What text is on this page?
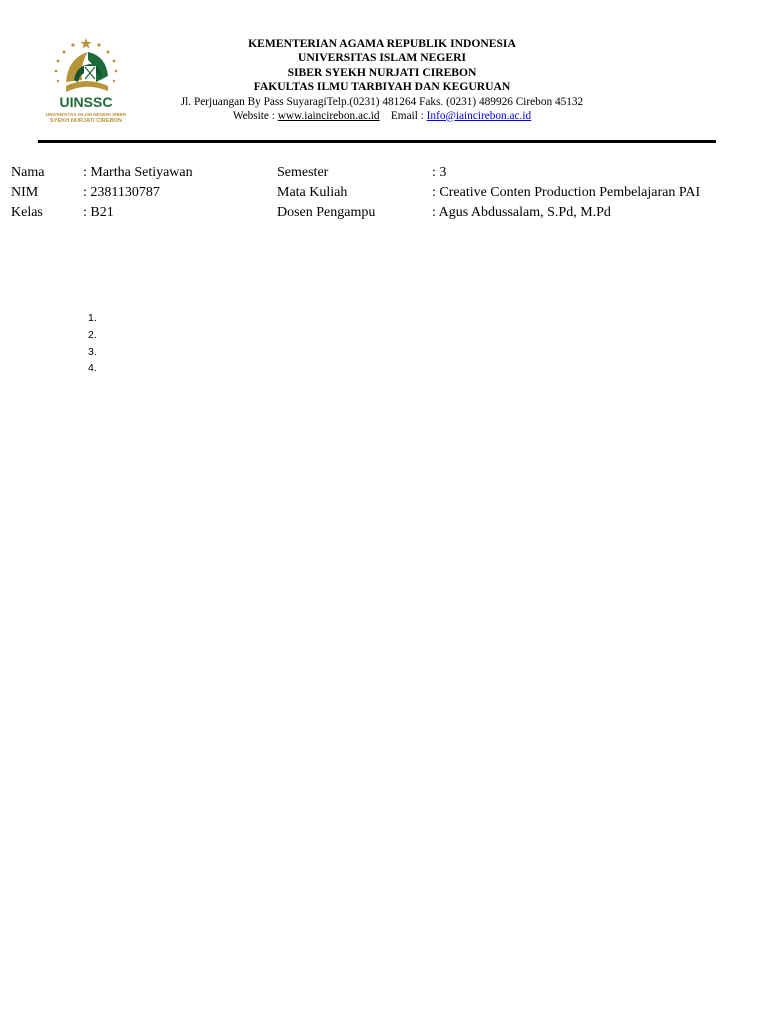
UINSSC
UNIVERSITAS ISLAM NEGERI SIBER
SYEKH NURJATI CIREBON
KEMENTERIAN AGAMA REPUBLIK INDONESIA
UNIVERSITAS ISLAM NEGERI
SIBER SYEKH NURJATI CIREBON
FAKULTAS ILMU TARBIYAH DAN KEGURUAN
Jl. Perjuangan By Pass SuyaragiTelp.(0231) 481264 Faks. (0231) 489926 Cirebon 45132
Website : www.iaincirebon.ac.id Email : Info@iaincirebon.ac.id
Nama	: Martha Setiyawan	Semester	: 3
NIM	: 2381130787	Mata Kuliah	: Creative Conten Production Pembelajaran PAI
Kelas	: B21	Dosen Pengampu	: Agus Abdussalam, S.Pd, M.Pd
1.
2.
3.
4.
